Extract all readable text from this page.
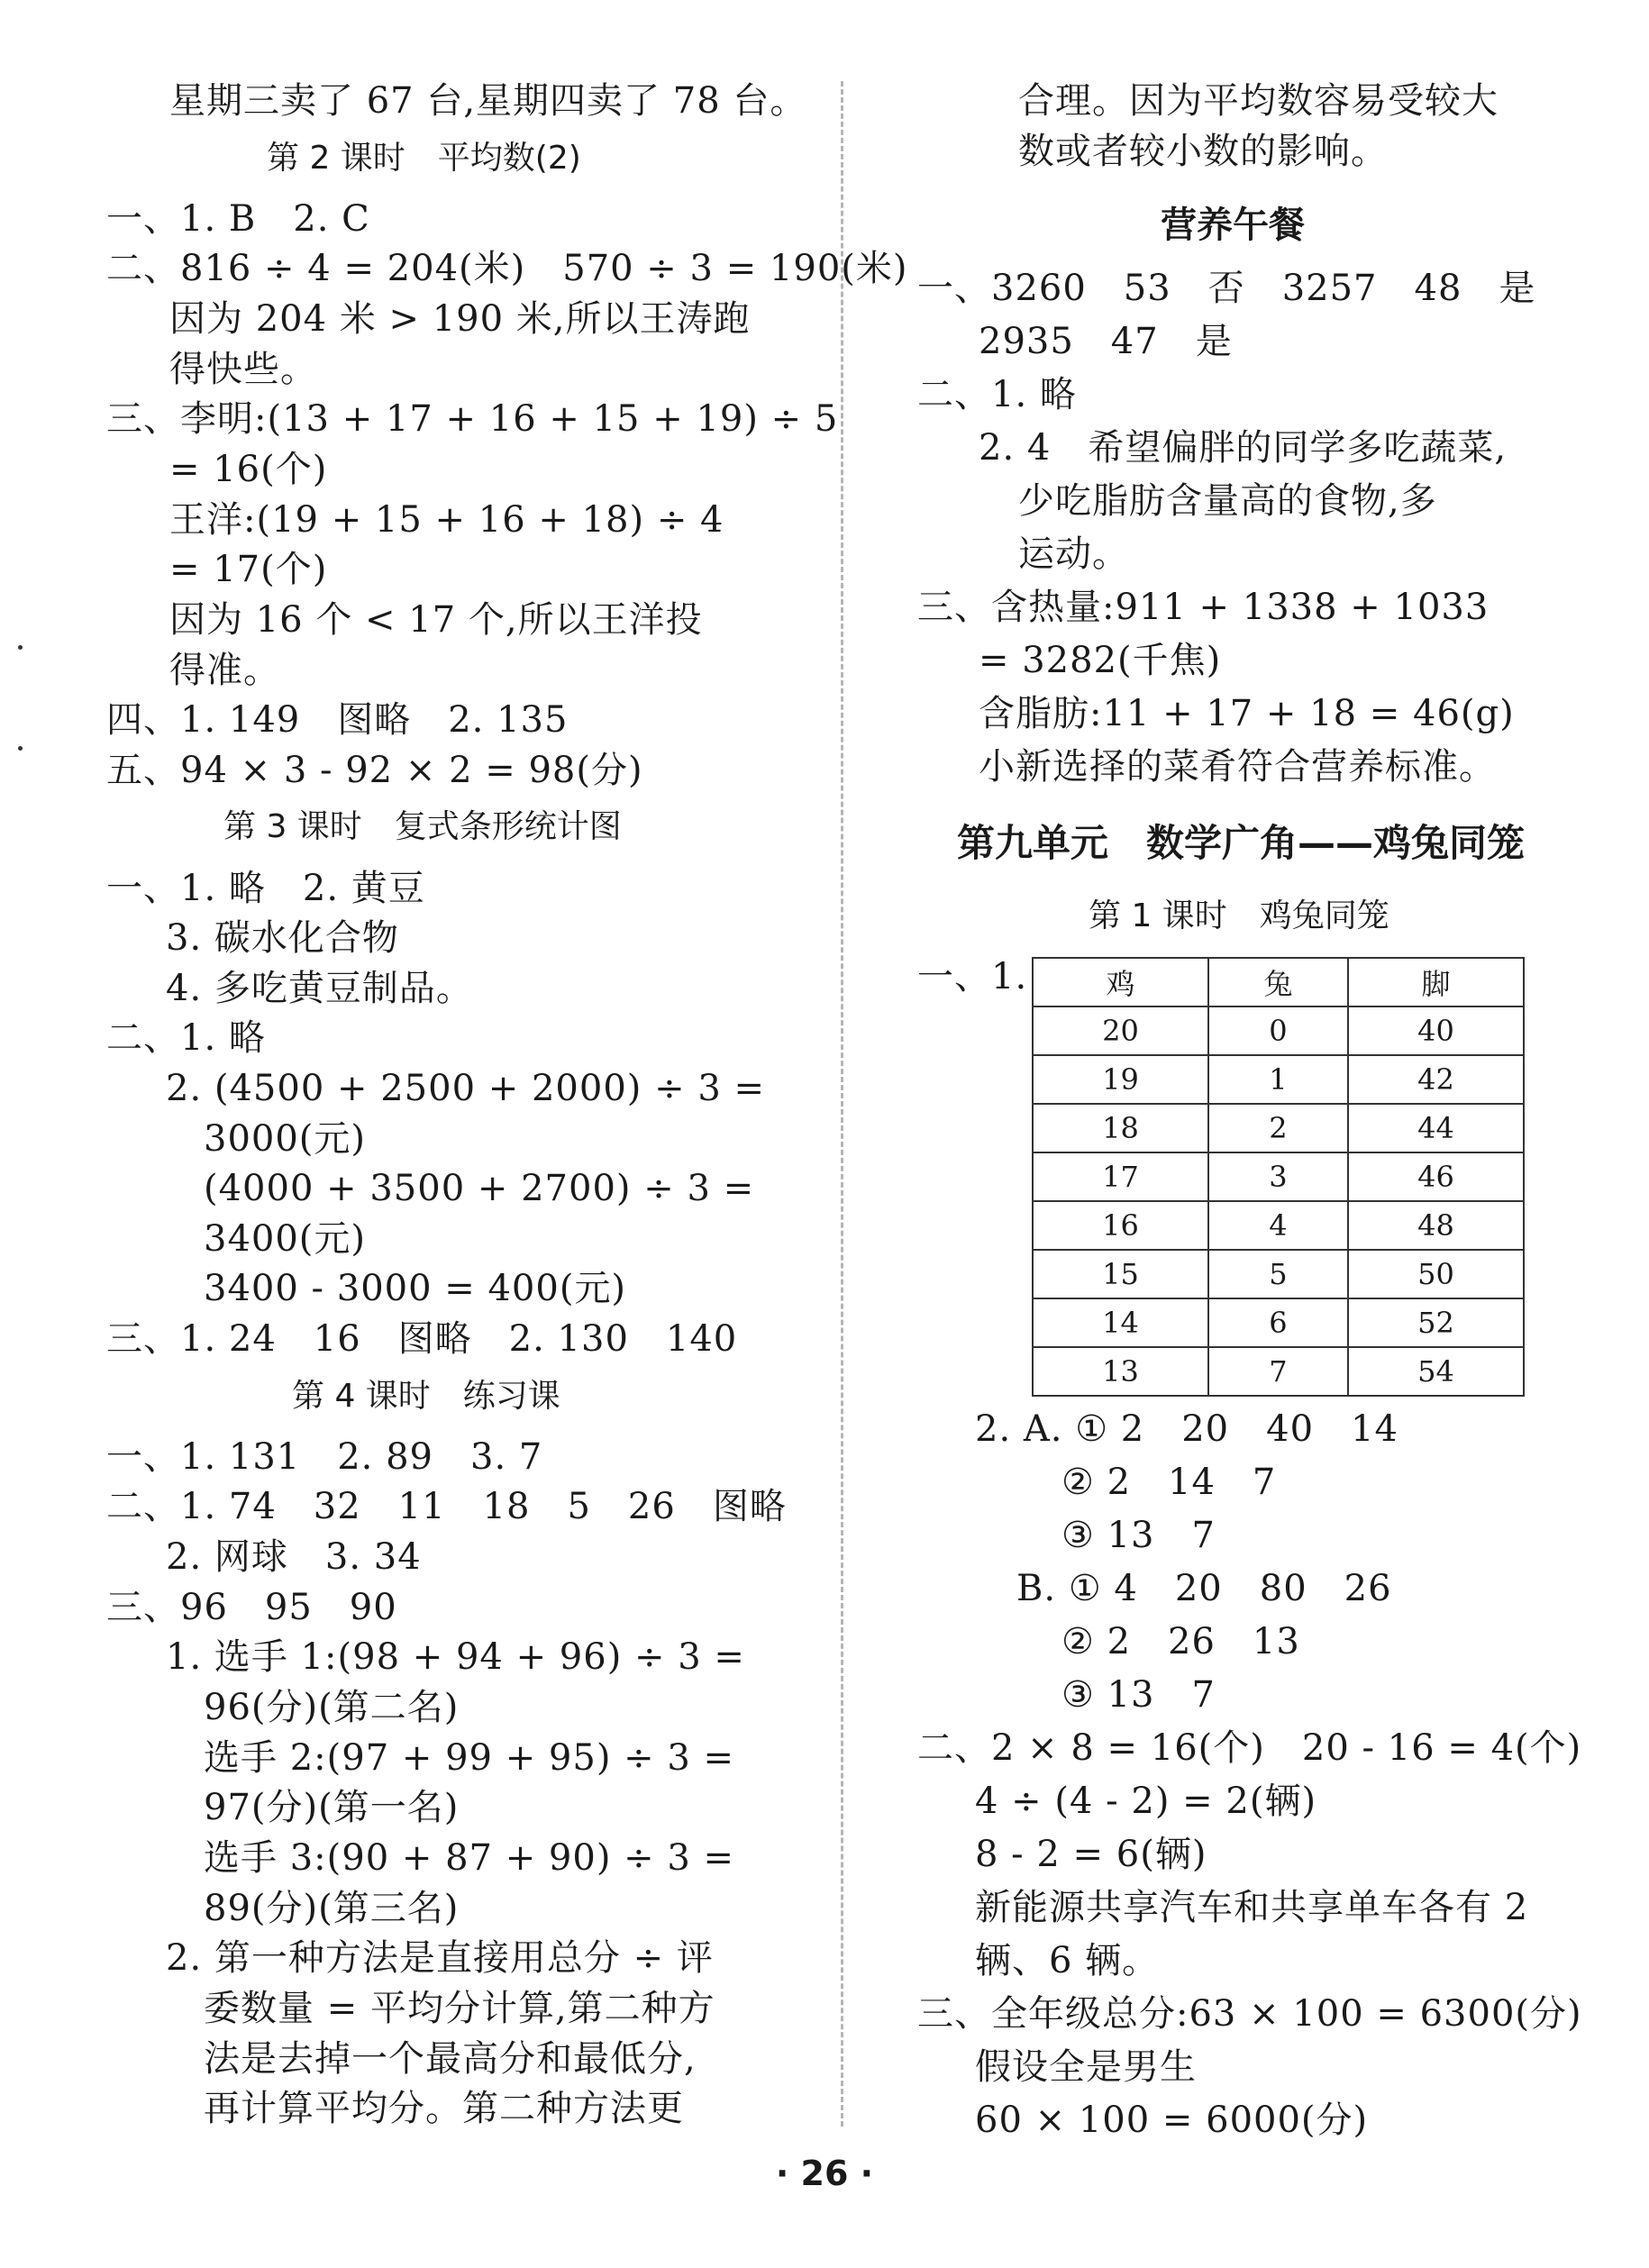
星期三卖了 67 台,星期四卖了 78 台。
第 2 课时　平均数(2)
一、1. B　2. C
二、816 ÷ 4 = 204(米)　570 ÷ 3 = 190(米)
因为 204 米 > 190 米,所以王涛跑
得快些。
三、李明:(13 + 17 + 16 + 15 + 19) ÷ 5
= 16(个)
王洋:(19 + 15 + 16 + 18) ÷ 4
= 17(个)
因为 16 个 < 17 个,所以王洋投
得准。
四、1. 149　图略　2. 135
五、94 × 3 - 92 × 2 = 98(分)
第 3 课时　复式条形统计图
一、1. 略　2. 黄豆
3. 碳水化合物
4. 多吃黄豆制品。
二、1. 略
2. (4500 + 2500 + 2000) ÷ 3 =
3000(元)
(4000 + 3500 + 2700) ÷ 3 =
3400(元)
3400 - 3000 = 400(元)
三、1. 24　16　图略　2. 130　140
第 4 课时　练习课
一、1. 131　2. 89　3. 7
二、1. 74　32　11　18　5　26　图略
2. 网球　3. 34
三、96　95　90
1. 选手 1:(98 + 94 + 96) ÷ 3 =
96(分)(第二名)
选手 2:(97 + 99 + 95) ÷ 3 =
97(分)(第一名)
选手 3:(90 + 87 + 90) ÷ 3 =
89(分)(第三名)
2. 第一种方法是直接用总分 ÷ 评
委数量 = 平均分计算,第二种方
法是去掉一个最高分和最低分,
再计算平均分。第二种方法更
合理。因为平均数容易受较大
数或者较小数的影响。
营养午餐
一、3260　53　否　3257　48　是
2935　47　是
二、1. 略
2. 4　希望偏胖的同学多吃蔬菜,
少吃脂肪含量高的食物,多
运动。
三、含热量:911 + 1338 + 1033
= 3282(千焦)
含脂肪:11 + 17 + 18 = 46(g)
小新选择的菜肴符合营养标准。
第九单元　数学广角——鸡兔同笼
第 1 课时　鸡兔同笼
一、1.	鸡	兔	脚
20	0	40
19	1	42
18	2	44
17	3	46
16	4	48
15	5	50
14	6	52
13	7	54
2. A. ① 2　20　40　14
② 2　14　7
③ 13　7
B. ① 4　20　80　26
② 2　26　13
③ 13　7
二、2 × 8 = 16(个)　20 - 16 = 4(个)
4 ÷ (4 - 2) = 2(辆)
8 - 2 = 6(辆)
新能源共享汽车和共享单车各有 2
辆、6 辆。
三、全年级总分:63 × 100 = 6300(分)
假设全是男生
60 × 100 = 6000(分)
· 26 ·
